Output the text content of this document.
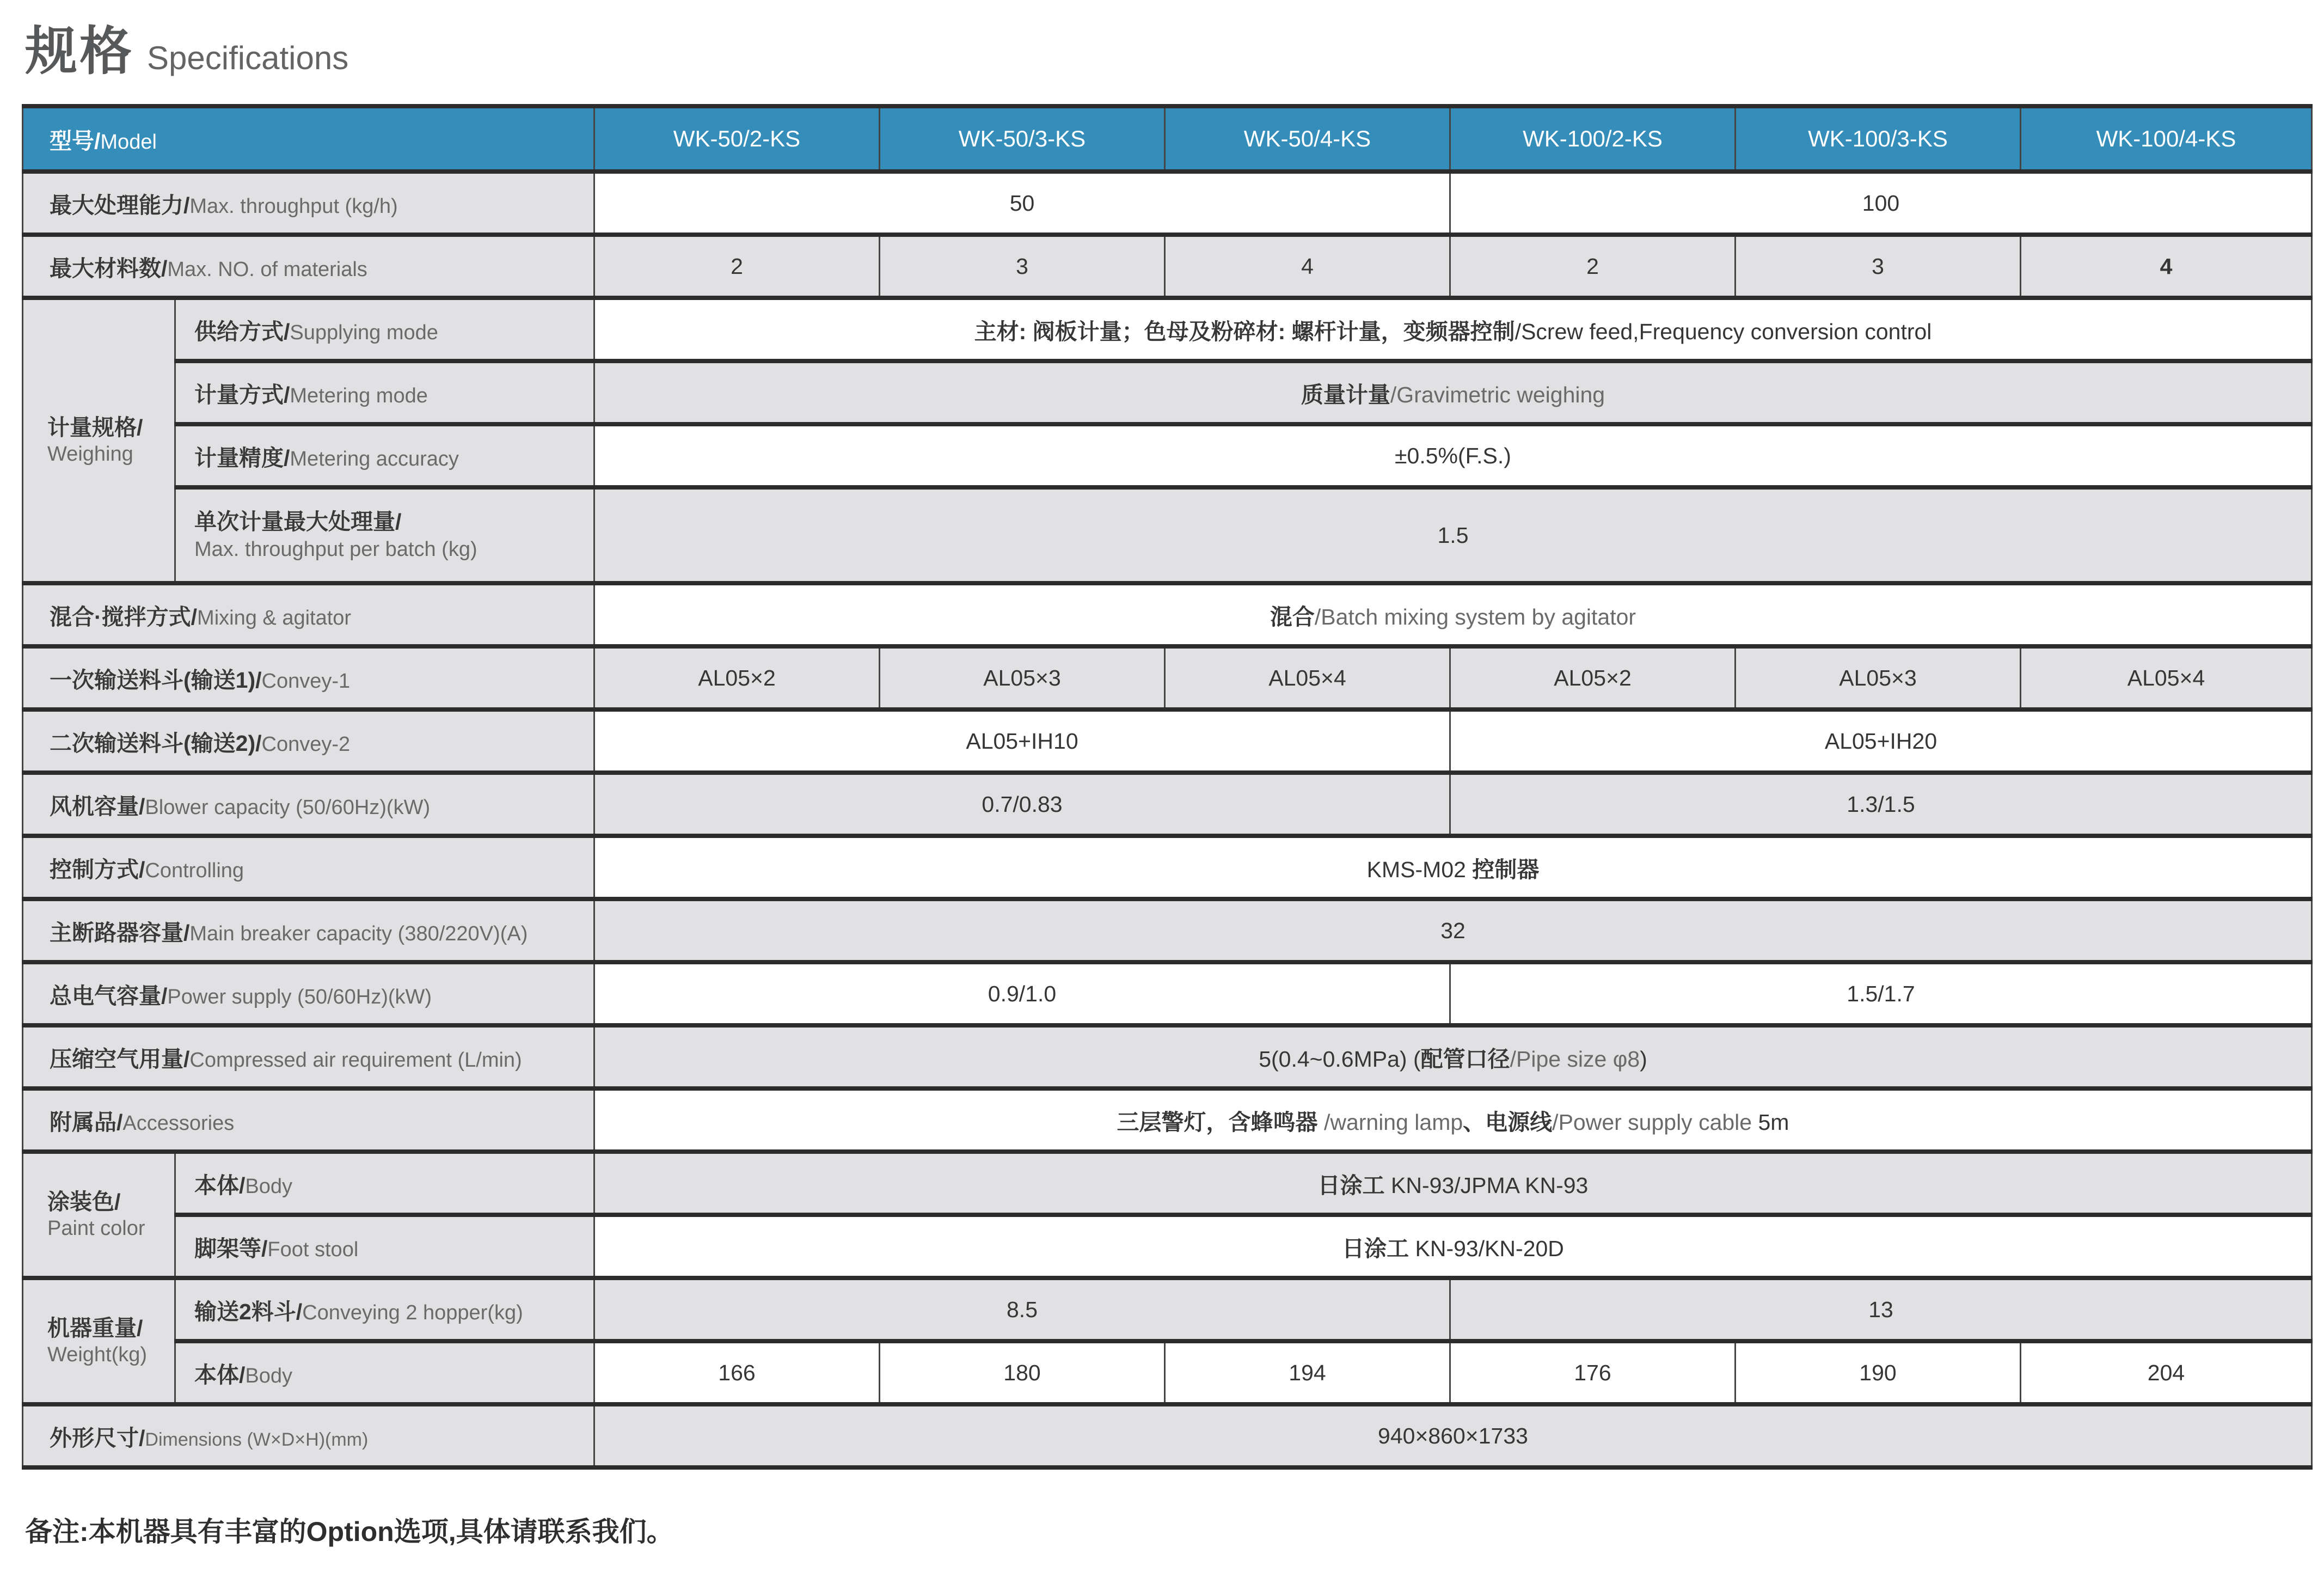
规格 Specifications
型号/Model		WK-50/2-KS	WK-50/3-KS	WK-50/4-KS	WK-100/2-KS	WK-100/3-KS	WK-100/4-KS
最大处理能力/Max. throughput (kg/h)		50			100		
最大材料数/Max. NO. of materials		2	3	4	2	3	4

计量规格/
Weighing	供给方式/Supplying mode	主材: 阀板计量；色母及粉碎材: 螺杆计量，变频器控制/Screw feed,Frequency conversion control					
	计量方式/Metering mode	质量计量/Gravimetric weighing					
	计量精度/Metering accuracy	±0.5%(F.S.)					

	单次计量最大处理量/
Max. throughput per batch (kg)	1.5					
混合·搅拌方式/Mixing & agitator		混合/Batch mixing system by agitator					
一次输送料斗(输送1)/Convey-1		AL05×2	AL05×3	AL05×4	AL05×2	AL05×3	AL05×4
二次输送料斗(输送2)/Convey-2		AL05+IH10			AL05+IH20		
风机容量/Blower capacity (50/60Hz)(kW)		0.7/0.83			1.3/1.5		
控制方式/Controlling		KMS-M02 控制器					
主断路器容量/Main breaker capacity (380/220V)(A)		32					
总电气容量/Power supply (50/60Hz)(kW)		0.9/1.0			1.5/1.7		
压缩空气用量/Compressed air requirement (L/min)		5(0.4~0.6MPa) (配管口径/Pipe size φ8)					
附属品/Accessories		三层警灯，含蜂鸣器 /warning lamp、电源线/Power supply cable 5m					

涂装色/
Paint color	本体/Body	日涂工 KN-93/JPMA KN-93					
	脚架等/Foot stool	日涂工 KN-93/KN-20D					

机器重量/
Weight(kg)	输送2料斗/Conveying 2 hopper(kg)	8.5			13		
	本体/Body	166	180	194	176	190	204
外形尺寸/Dimensions (W×D×H)(mm)		940×860×1733					
备注:本机器具有丰富的Option选项,具体请联系我们。
